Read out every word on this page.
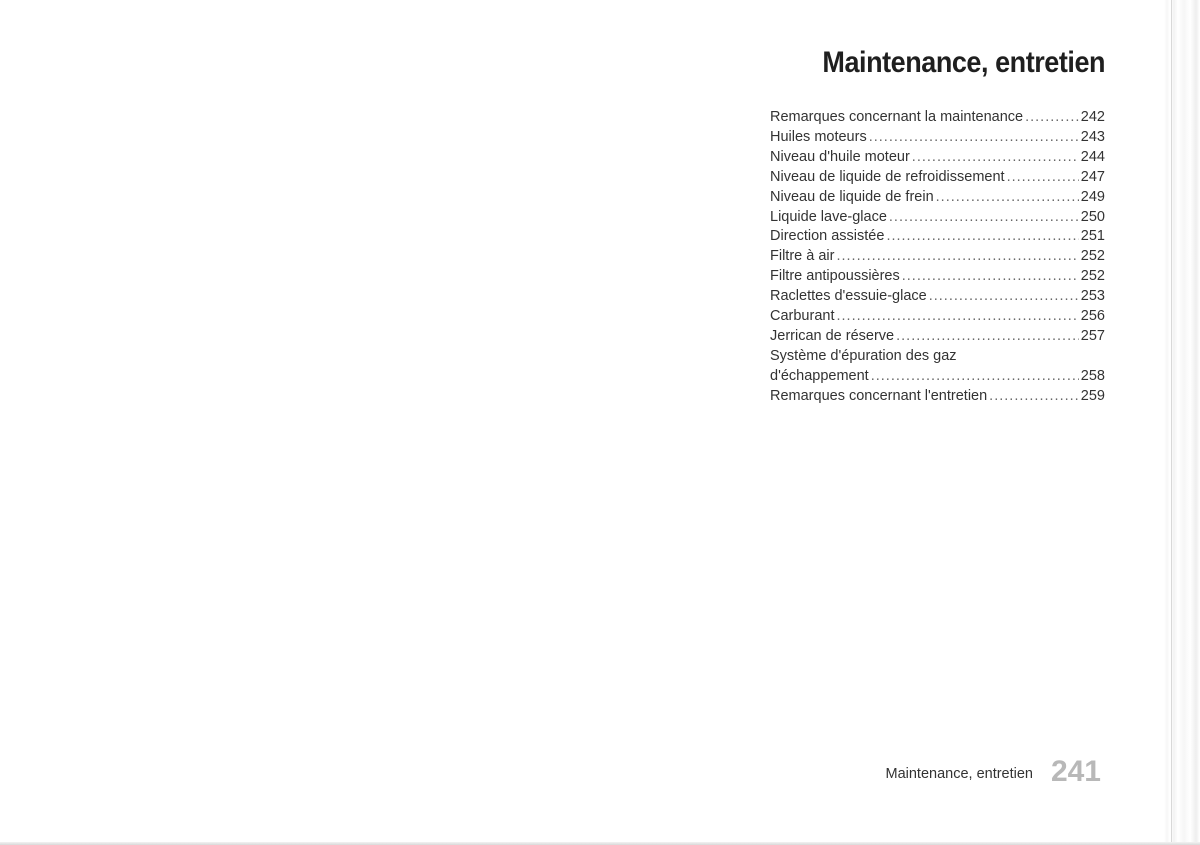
Maintenance, entretien
Remarques concernant la maintenance .....	242
Huiles moteurs .....	243
Niveau d'huile moteur .....	244
Niveau de liquide de refroidissement .....	247
Niveau de liquide de frein .....	249
Liquide lave-glace .....	250
Direction assistée .....	251
Filtre à air .....	252
Filtre antipoussières .....	252
Raclettes d'essuie-glace .....	253
Carburant .....	256
Jerrican de réserve .....	257
Système d'épuration des gaz
d'échappement .....	258
Remarques concernant l'entretien .....	259
Maintenance, entretien 241
